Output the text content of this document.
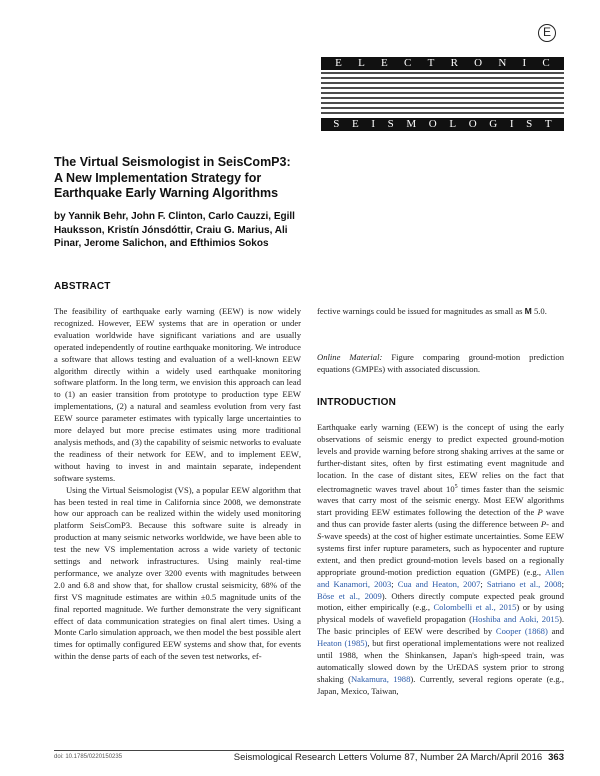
E
E L E C T R O N I C
S E I S M O L O G I S T
The Virtual Seismologist in SeisComP3:
A New Implementation Strategy for
Earthquake Early Warning Algorithms
by Yannik Behr, John F. Clinton, Carlo Cauzzi, Egill
Hauksson, Kristín Jónsdóttir, Craiu G. Marius, Ali
Pinar, Jerome Salichon, and Efthimios Sokos
ABSTRACT

The feasibility of earthquake early warning (EEW) is now widely recognized. However, EEW systems that are in operation or under evaluation worldwide have significant variations and are usually operated independently of routine earthquake monitoring. We introduce a software that allows testing and evaluation of a well-known EEW algorithm directly within a widely used earthquake monitoring software platform. In the long term, we envision this approach can lead to (1) an easier transition from prototype to production type EEW implementations, (2) a natural and seamless evolution from very fast EEW source parameter estimates with typically large uncertainties to more delayed but more precise estimates using more traditional analysis methods, and (3) the capability of seismic networks to evaluate the readiness of their network for EEW, and to implement EEW, without having to invest in and maintain separate, independent software systems.

Using the Virtual Seismologist (VS), a popular EEW algorithm that has been tested in real time in California since 2008, we demonstrate how our approach can be realized within the widely used monitoring platform SeisComP3. Because this software suite is already in production at many seismic networks worldwide, we have been able to test the new VS implementation across a wide variety of tectonic settings and network infrastructures. Using mainly real-time performance, we analyze over 3200 events with magnitudes between 2.0 and 6.8 and show that, for shallow crustal seismicity, 68% of the first VS magnitude estimates are within ±0.5 magnitude units of the final reported magnitude. We further demonstrate the very significant effect of data communication strategies on final alert times. Using a Monte Carlo simulation approach, we then model the best possible alert times for optimally configured EEW systems and show that, for events within the dense parts of each of the seven test networks, ef-

fective warnings could be issued for magnitudes as small as M 5.0.

Online Material: Figure comparing ground-motion prediction equations (GMPEs) with associated discussion.

INTRODUCTION

Earthquake early warning (EEW) is the concept of using the early observations of seismic energy to predict expected ground-motion levels and provide warning before strong shaking arrives at the same or further-distant sites, often by first estimating event magnitude and location. In the case of distant sites, EEW relies on the fact that electromagnetic waves travel about $10^5$ times faster than the seismic waves that carry most of the seismic energy. Most EEW algorithms start providing EEW estimates following the detection of the P wave and thus can provide faster alerts (using the difference between P- and S-wave speeds) at the cost of higher estimate uncertainties. Some EEW systems first infer rupture parameters, such as hypocenter and rupture extent, and then predict ground-motion levels based on a regionally appropriate ground-motion prediction equation (GMPE) (e.g., Allen and Kanamori, 2003; Cua and Heaton, 2007; Satriano et al., 2008; Böse et al., 2009). Others directly compute expected peak ground motion, either empirically (e.g., Colombelli et al., 2015) or by using physical models of wavefield propagation (Hoshiba and Aoki, 2015). The basic principles of EEW were described by Cooper (1868) and Heaton (1985), but first operational implementations were not realized until 1988, when the Shinkansen, Japan's high-speed train, was automatically slowed down by the UrEDAS system prior to strong shaking (Nakamura, 1988). Currently, several regions operate (e.g., Japan, Mexico, Taiwan,

doi: 10.1785/0220150235	Seismological Research Letters Volume 87, Number 2A March/April 2016 363
